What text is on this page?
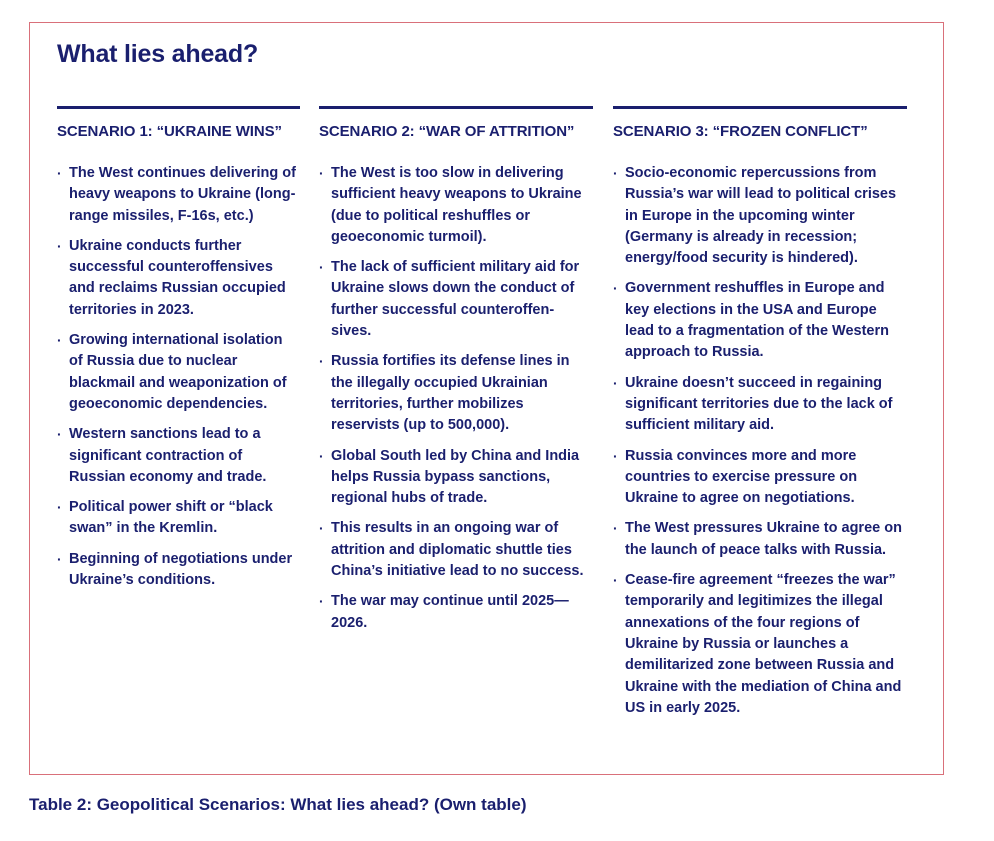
What lies ahead?
SCENARIO 1: “UKRAINE WINS”
· The West continues delivering of heavy weapons to Ukraine (long-range missiles, F-16s, etc.)
· Ukraine conducts further successful counteroffensives and reclaims Russian occupied territories in 2023.
· Growing international isolation of Russia due to nuclear blackmail and weaponization of geoeconomic dependencies.
· Western sanctions lead to a significant contraction of Russian economy and trade.
· Political power shift or “black swan” in the Kremlin.
· Beginning of negotiations under Ukraine’s conditions.
SCENARIO 2: “WAR OF ATTRITION”
· The West is too slow in delivering sufficient heavy weapons to Ukraine (due to political reshuffles or geoeconomic turmoil).
· The lack of sufficient military aid for Ukraine slows down the conduct of further successful counteroffen-sives.
· Russia fortifies its defense lines in the illegally occupied Ukrainian territories, further mobilizes reservists (up to 500,000).
· Global South led by China and India helps Russia bypass sanctions, regional hubs of trade.
· This results in an ongoing war of attrition and diplomatic shuttle ties China’s initiative lead to no success.
· The war may continue until 2025—2026.
SCENARIO 3: “FROZEN CONFLICT”
· Socio-economic repercussions from Russia’s war will lead to political crises in Europe in the upcoming winter (Germany is already in recession; energy/food security is hindered).
· Government reshuffles in Europe and key elections in the USA and Europe lead to a fragmentation of the Western approach to Russia.
· Ukraine doesn’t succeed in regaining significant territories due to the lack of sufficient military aid.
· Russia convinces more and more countries to exercise pressure on Ukraine to agree on negotiations.
· The West pressures Ukraine to agree on the launch of peace talks with Russia.
· Cease-fire agreement “freezes the war” temporarily and legitimizes the illegal annexations of the four regions of Ukraine by Russia or launches a demilitarized zone between Russia and Ukraine with the mediation of China and US in early 2025.

Table 2: Geopolitical Scenarios: What lies ahead? (Own table)
